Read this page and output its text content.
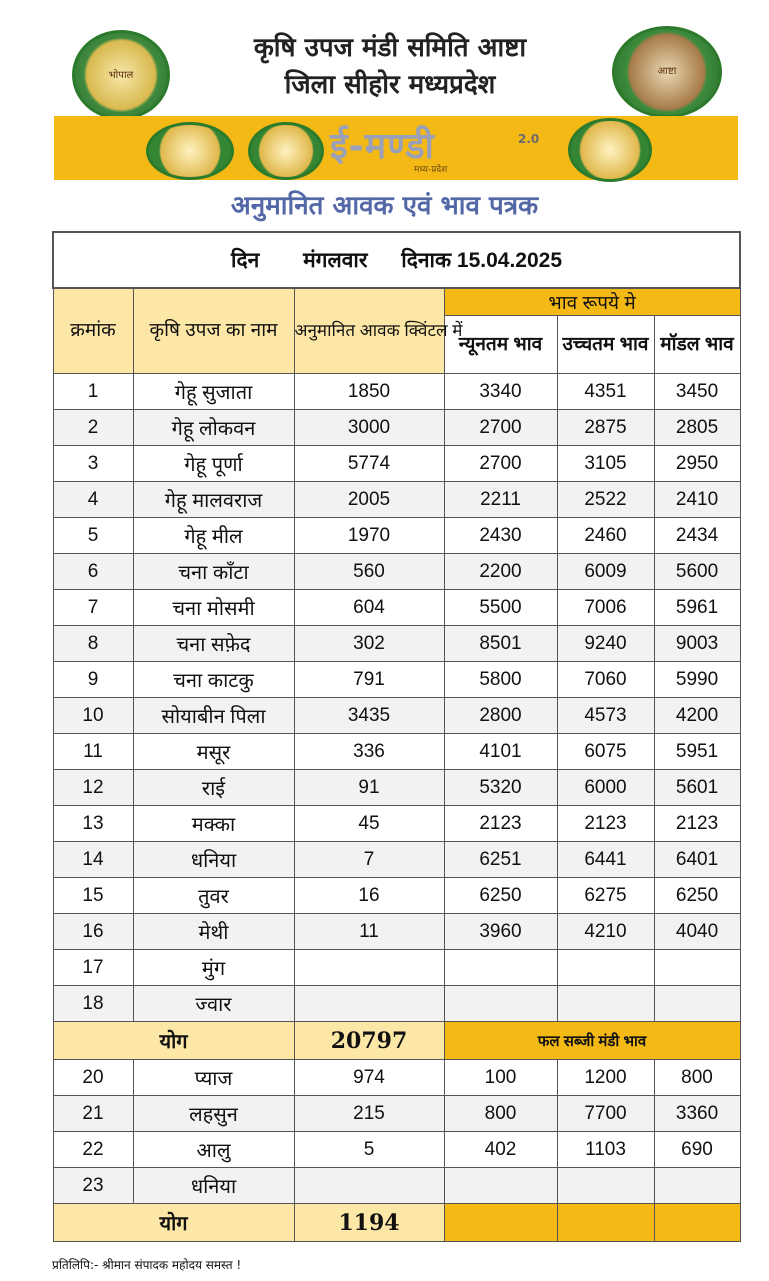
भोपाल
कृषि उपज मंडी समिति आष्टा
जिला सीहोर मध्यप्रदेश	आष्टा
ई-मण्डी	2.0
मध्य-प्रदेश
अनुमानित आवक एवं भाव पत्रक
दिन मंगलवार दिनाक 15.04.2025					
क्रमांक	कृषि उपज का नाम	अनुमानित आवक क्विंटल में	भाव रूपये मे		
			न्यूनतम भाव	उच्चतम भाव	मॉडल भाव
1	गेहू सुजाता	1850	3340	4351	3450
2	गेहू लोकवन	3000	2700	2875	2805
3	गेहू पूर्णा	5774	2700	3105	2950
4	गेहू मालवराज	2005	2211	2522	2410
5	गेहू मील	1970	2430	2460	2434
6	चना काँटा	560	2200	6009	5600
7	चना मोसमी	604	5500	7006	5961
8	चना सफ़ेद	302	8501	9240	9003
9	चना काटकु	791	5800	7060	5990
10	सोयाबीन पिला	3435	2800	4573	4200
11	मसूर	336	4101	6075	5951
12	राई	91	5320	6000	5601
13	मक्का	45	2123	2123	2123
14	धनिया	7	6251	6441	6401
15	तुवर	16	6250	6275	6250
16	मेथी	11	3960	4210	4040
17	मुंग				
18	ज्वार				
योग		20797	फल सब्जी मंडी भाव		
20	प्याज	974	100	1200	800
21	लहसुन	215	800	7700	3360
22	आलु	5	402	1103	690
23	धनिया				
योग		1194			
प्रतिलिपि:- श्रीमान संपादक महोदय समस्त !
